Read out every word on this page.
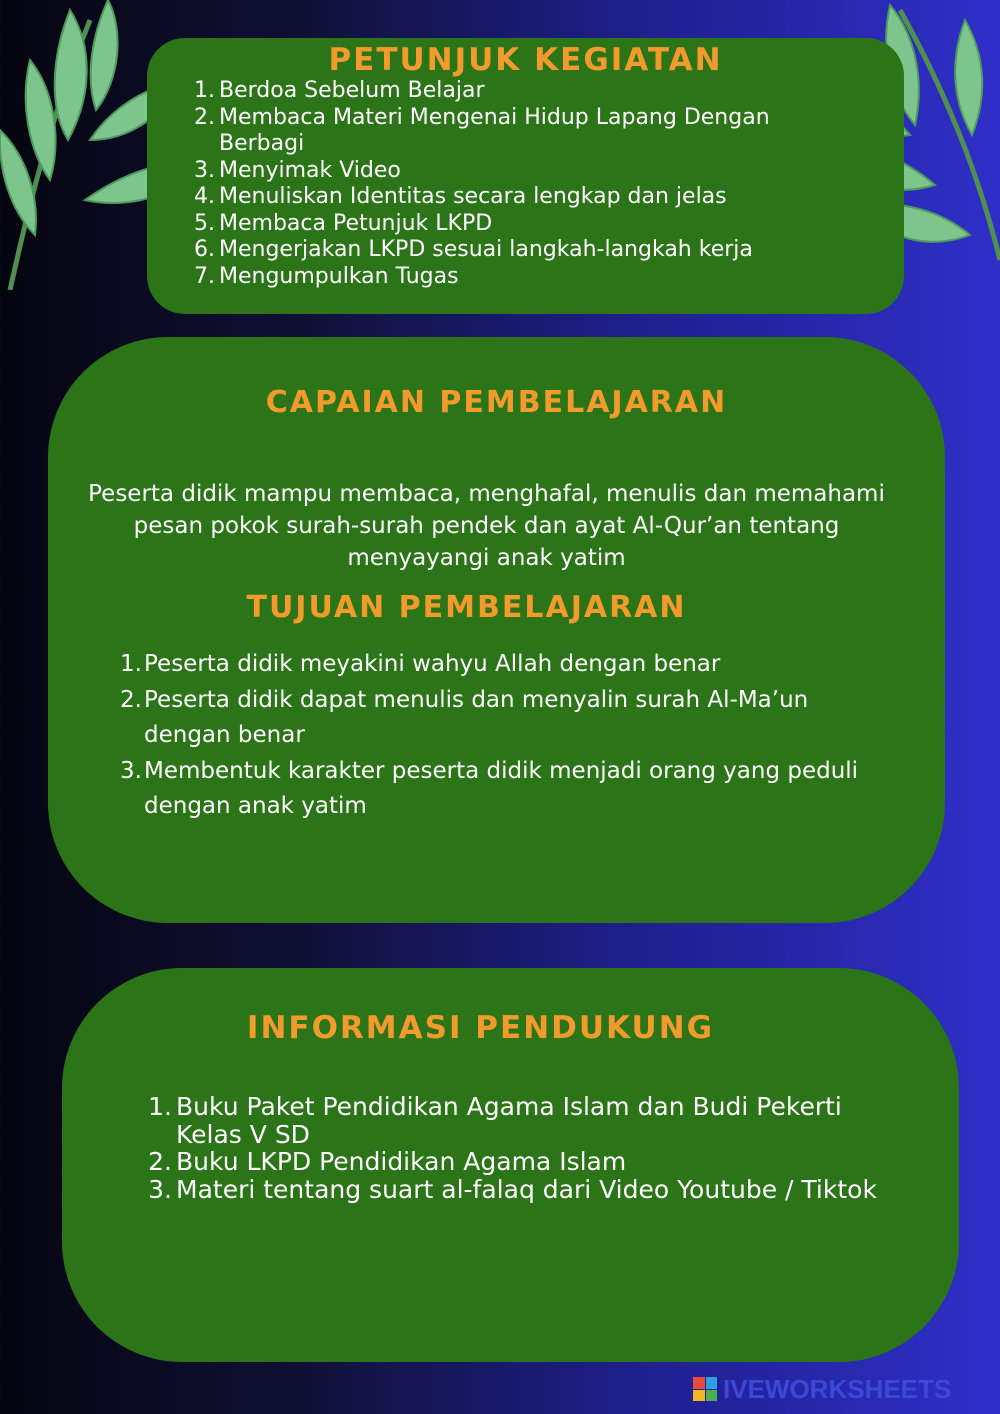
PETUNJUK KEGIATAN
1. Berdoa Sebelum Belajar
2. Membaca Materi Mengenai Hidup Lapang Dengan Berbagi
3. Menyimak Video
4. Menuliskan Identitas secara lengkap dan jelas
5. Membaca Petunjuk LKPD
6. Mengerjakan LKPD sesuai langkah-langkah kerja
7. Mengumpulkan Tugas
CAPAIAN PEMBELAJARAN

Peserta didik mampu membaca, menghafal, menulis dan memahami pesan pokok surah-surah pendek dan ayat Al-Qur’an tentang menyayangi anak yatim

TUJUAN PEMBELAJARAN
1. Peserta didik meyakini wahyu Allah dengan benar
2. Peserta didik dapat menulis dan menyalin surah Al-Ma’un dengan benar
3. Membentuk karakter peserta didik menjadi orang yang peduli dengan anak yatim
INFORMASI PENDUKUNG
1. Buku Paket Pendidikan Agama Islam dan Budi Pekerti Kelas V SD
2. Buku LKPD Pendidikan Agama Islam
3. Materi tentang suart al-falaq dari Video Youtube / Tiktok
IVEWORKSHEETS
